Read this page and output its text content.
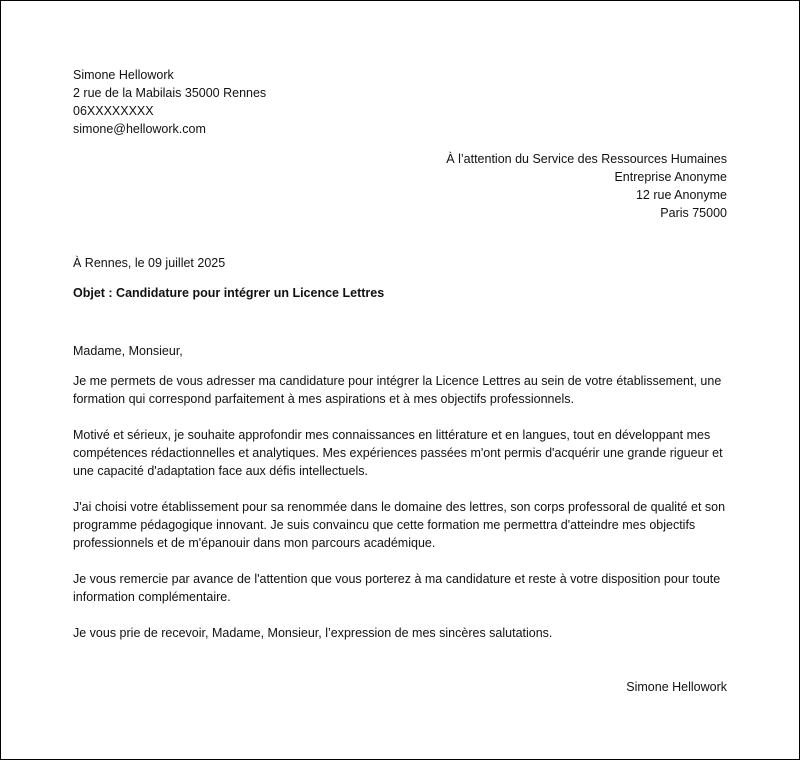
Simone Hellowork
2 rue de la Mabilais 35000 Rennes
06XXXXXXXX
simone@hellowork.com
À l’attention du Service des Ressources Humaines
Entreprise Anonyme
12 rue Anonyme
Paris 75000
À Rennes, le 09 juillet 2025
Objet : Candidature pour intégrer un Licence Lettres

Madame, Monsieur,

Je me permets de vous adresser ma candidature pour intégrer la Licence Lettres au sein de votre établissement, une formation qui correspond parfaitement à mes aspirations et à mes objectifs professionnels.

Motivé et sérieux, je souhaite approfondir mes connaissances en littérature et en langues, tout en développant mes compétences rédactionnelles et analytiques. Mes expériences passées m'ont permis d'acquérir une grande rigueur et une capacité d'adaptation face aux défis intellectuels.

J'ai choisi votre établissement pour sa renommée dans le domaine des lettres, son corps professoral de qualité et son programme pédagogique innovant. Je suis convaincu que cette formation me permettra d'atteindre mes objectifs professionnels et de m'épanouir dans mon parcours académique.

Je vous remercie par avance de l'attention que vous porterez à ma candidature et reste à votre disposition pour toute information complémentaire.

Je vous prie de recevoir, Madame, Monsieur, l’expression de mes sincères salutations.

Simone Hellowork
